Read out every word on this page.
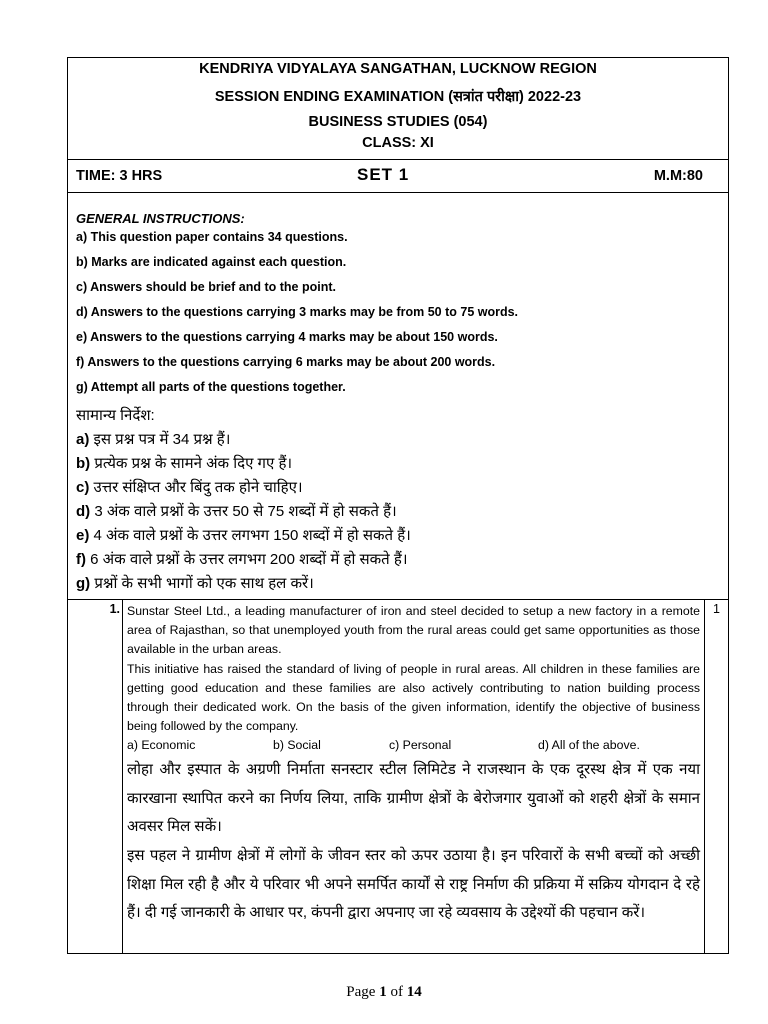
KENDRIYA VIDYALAYA SANGATHAN, LUCKNOW REGION
SESSION ENDING EXAMINATION (सत्रांत परीक्षा) 2022-23
BUSINESS STUDIES (054)
CLASS: XI
TIME: 3 HRS	SET 1	M.M:80
GENERAL INSTRUCTIONS:
a) This question paper contains 34 questions.
b) Marks are indicated against each question.
c) Answers should be brief and to the point.
d) Answers to the questions carrying 3 marks may be from 50 to 75 words.
e) Answers to the questions carrying 4 marks may be about 150 words.
f) Answers to the questions carrying 6 marks may be about 200 words.
g) Attempt all parts of the questions together.
सामान्य निर्देश:
a) इस प्रश्न पत्र में 34 प्रश्न हैं।
b) प्रत्येक प्रश्न के सामने अंक दिए गए हैं।
c) उत्तर संक्षिप्त और बिंदु तक होने चाहिए।
d) 3 अंक वाले प्रश्नों के उत्तर 50 से 75 शब्दों में हो सकते हैं।
e) 4 अंक वाले प्रश्नों के उत्तर लगभग 150 शब्दों में हो सकते हैं।
f) 6 अंक वाले प्रश्नों के उत्तर लगभग 200 शब्दों में हो सकते हैं।
g) प्रश्नों के सभी भागों को एक साथ हल करें।
1. Sunstar Steel Ltd., a leading manufacturer of iron and steel decided to setup a new factory in a remote area of Rajasthan, so that unemployed youth from the rural areas could get same opportunities as those available in the urban areas.
This initiative has raised the standard of living of people in rural areas. All children in these families are getting good education and these families are also actively contributing to nation building process through their dedicated work. On the basis of the given information, identify the objective of business being followed by the company.
a) Economic	b) Social	c) Personal	d) All of the above.
लोहा और इस्पात के अग्रणी निर्माता सनस्टार स्टील लिमिटेड ने राजस्थान के एक दूरस्थ क्षेत्र में एक नया कारखाना स्थापित करने का निर्णय लिया, ताकि ग्रामीण क्षेत्रों के बेरोजगार युवाओं को शहरी क्षेत्रों के समान अवसर मिल सकें।
इस पहल ने ग्रामीण क्षेत्रों में लोगों के जीवन स्तर को ऊपर उठाया है। इन परिवारों के सभी बच्चों को अच्छी शिक्षा मिल रही है और ये परिवार भी अपने समर्पित कार्यों से राष्ट्र निर्माण की प्रक्रिया में सक्रिय योगदान दे रहे हैं। दी गई जानकारी के आधार पर, कंपनी द्वारा अपनाए जा रहे व्यवसाय के उद्देश्यों की पहचान करें।
1
Page 1 of 14
